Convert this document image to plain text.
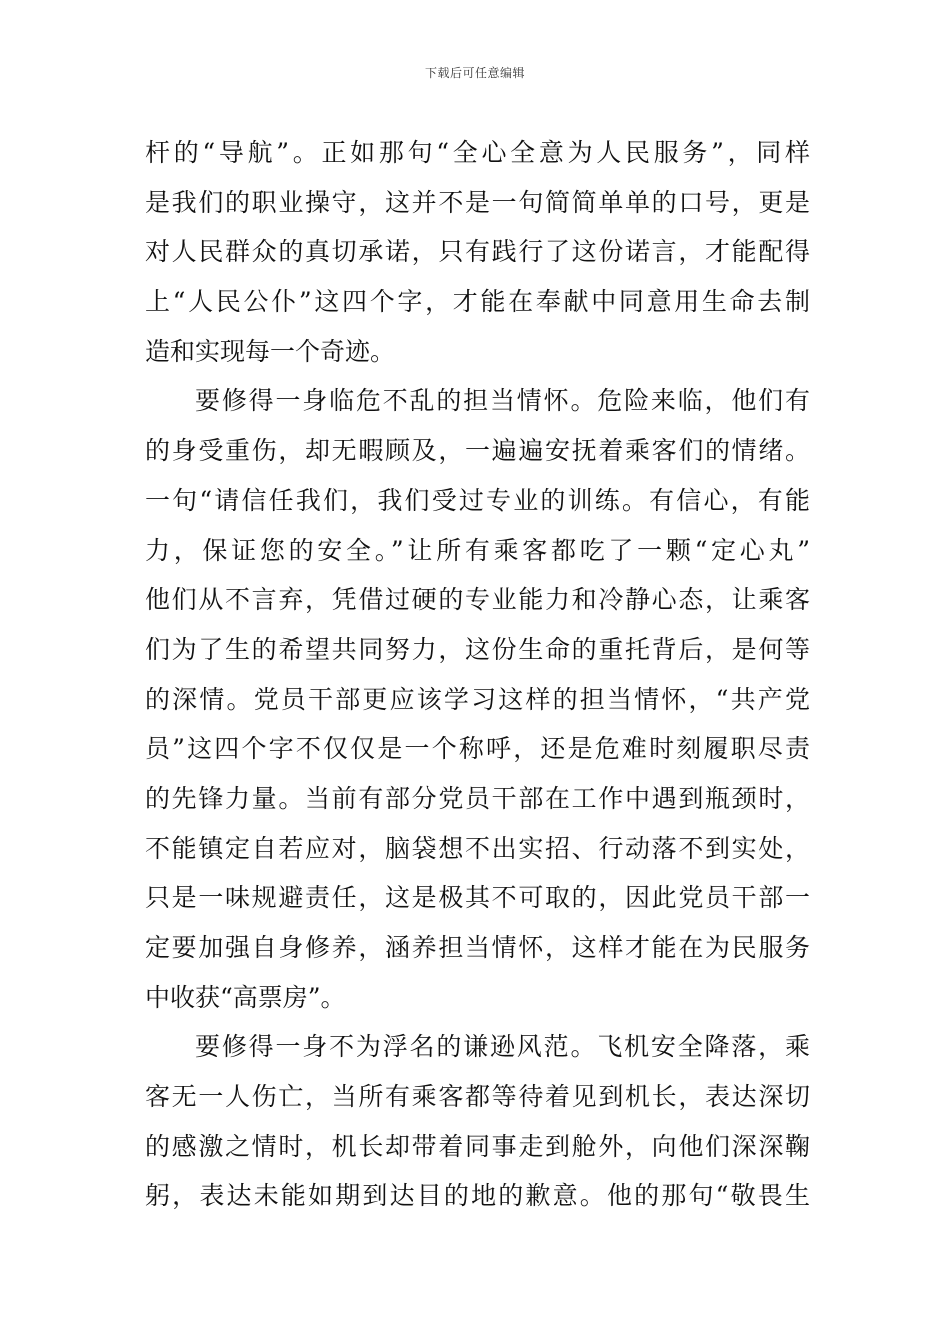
下载后可任意编辑
杆的“导航”。正如那句“全心全意为人民服务”，同样
是我们的职业操守，这并不是一句简简单单的口号，更是
对人民群众的真切承诺，只有践行了这份诺言，才能配得
上“人民公仆”这四个字，才能在奉献中同意用生命去制
造和实现每一个奇迹。
要修得一身临危不乱的担当情怀。危险来临，他们有
的身受重伤，却无暇顾及，一遍遍安抚着乘客们的情绪。
一句“请信任我们，我们受过专业的训练。有信心，有能
力，保证您的安全。”让所有乘客都吃了一颗“定心丸”
他们从不言弃，凭借过硬的专业能力和冷静心态，让乘客
们为了生的希望共同努力，这份生命的重托背后，是何等
的深情。党员干部更应该学习这样的担当情怀，“共产党
员”这四个字不仅仅是一个称呼，还是危难时刻履职尽责
的先锋力量。当前有部分党员干部在工作中遇到瓶颈时，
不能镇定自若应对，脑袋想不出实招、行动落不到实处，
只是一味规避责任，这是极其不可取的，因此党员干部一
定要加强自身修养，涵养担当情怀，这样才能在为民服务
中收获“高票房”。
要修得一身不为浮名的谦逊风范。飞机安全降落，乘
客无一人伤亡，当所有乘客都等待着见到机长，表达深切
的感激之情时，机长却带着同事走到舱外，向他们深深鞠
躬，表达未能如期到达目的地的歉意。他的那句“敬畏生
